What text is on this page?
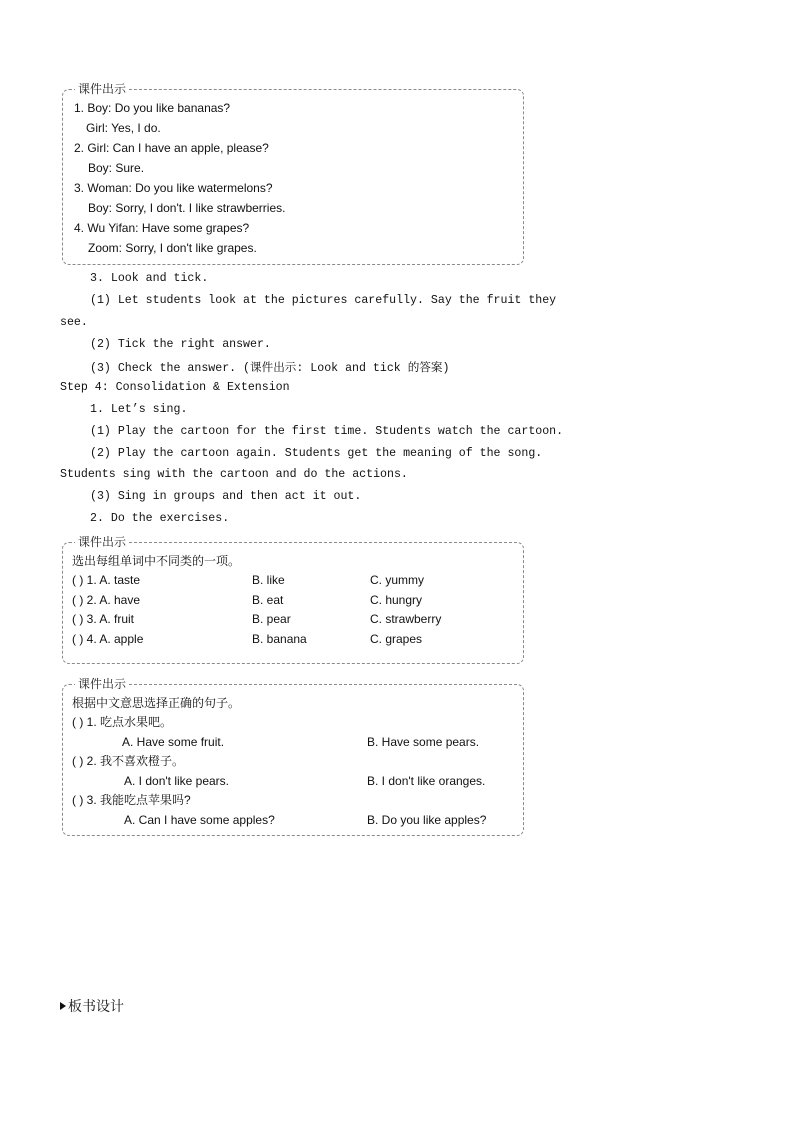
课件出示
1. Boy: Do you like bananas?
Girl: Yes, I do.
2. Girl: Can I have an apple, please?
Boy: Sure.
3. Woman: Do you like watermelons?
Boy: Sorry, I don't. I like strawberries.
4. Wu Yifan: Have some grapes?
Zoom: Sorry, I don't like grapes.
3. Look and tick.
(1) Let students look at the pictures carefully. Say the fruit they
see.
(2) Tick the right answer.
(3) Check the answer. (课件出示: Look and tick 的答案)
Step 4: Consolidation & Extension
1. Let’s sing.
(1) Play the cartoon for the first time. Students watch the cartoon.
(2) Play the cartoon again. Students get the meaning of the song.
Students sing with the cartoon and do the actions.
(3) Sing in groups and then act it out.
2. Do the exercises.
课件出示
选出每组单词中不同类的一项。
( ) 1. A. taste	B. like	C. yummy
( ) 2. A. have	B. eat	C. hungry
( ) 3. A. fruit	B. pear	C. strawberry
( ) 4. A. apple	B. banana	C. grapes
课件出示
根据中文意思选择正确的句子。
( ) 1. 吃点水果吧。
A. Have some fruit.	B. Have some pears.
( ) 2. 我不喜欢橙子。
A. I don't like pears.	B. I don't like oranges.
( ) 3. 我能吃点苹果吗?
A. Can I have some apples?	B. Do you like apples?
板书设计
